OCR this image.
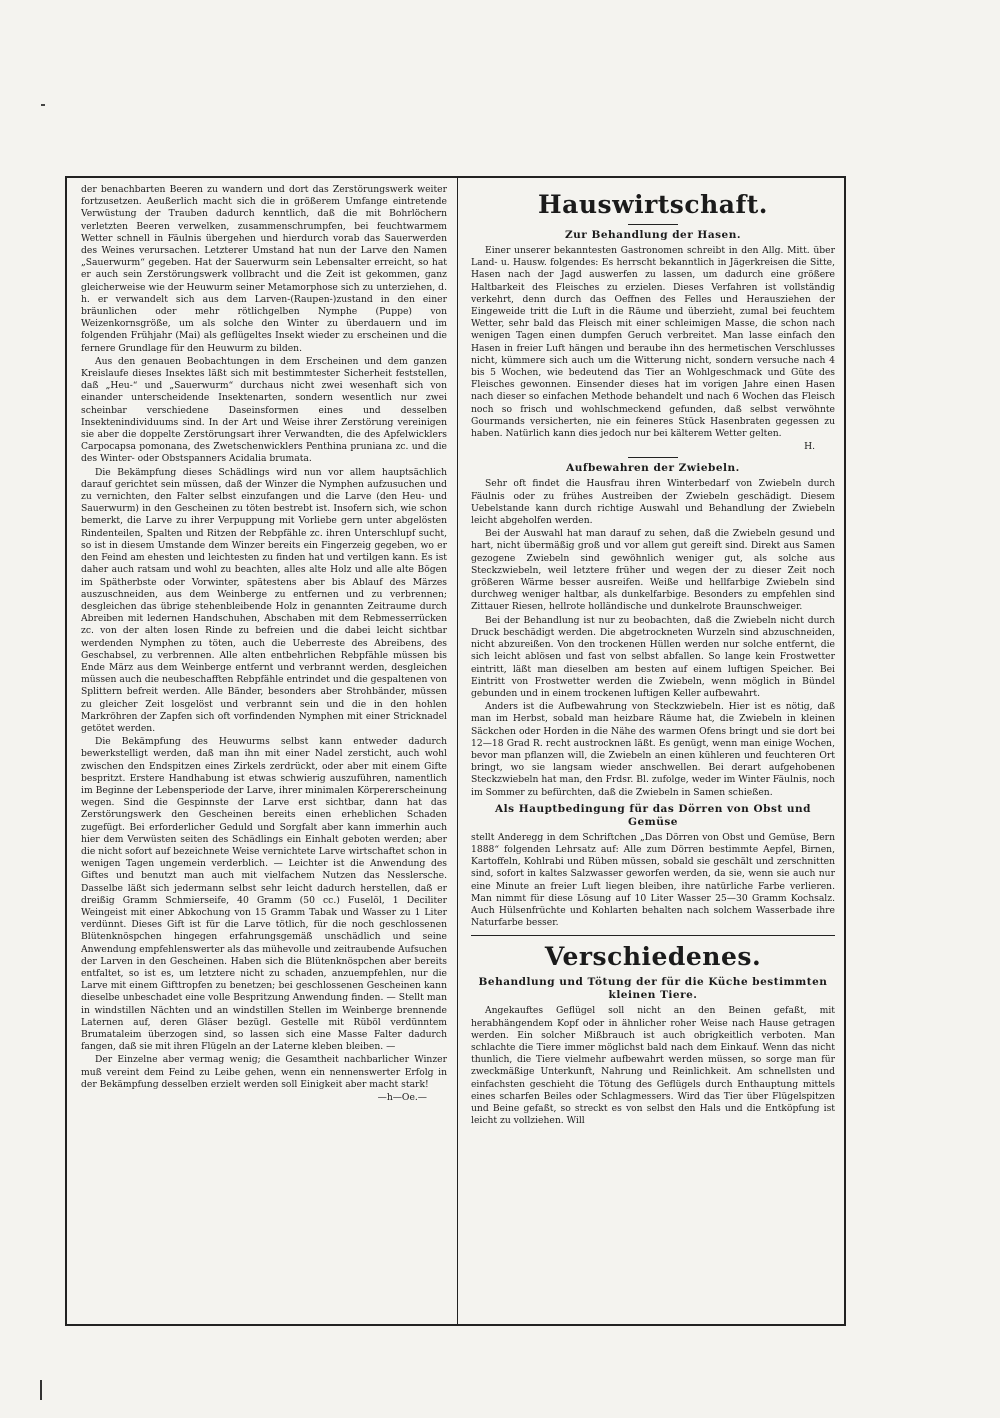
der benachbarten Beeren zu wandern und dort das Zerstörungswerk weiter fortzusetzen. Aeußerlich macht sich die in größerem Umfange eintretende Verwüstung der Trauben dadurch kenntlich, daß die mit Bohrlöchern verletzten Beeren verwelken, zusammenschrumpfen, bei feuchtwarmem Wetter schnell in Fäulnis übergehen und hierdurch vorab das Sauerwerden des Weines verursachen. Letzterer Umstand hat nun der Larve den Namen „Sauerwurm“ gegeben. Hat der Sauerwurm sein Lebensalter erreicht, so hat er auch sein Zerstörungswerk vollbracht und die Zeit ist gekommen, ganz gleicherweise wie der Heuwurm seiner Metamorphose sich zu unterziehen, d. h. er verwandelt sich aus dem Larven-(Raupen-)zustand in den einer bräunlichen oder mehr rötlichgelben Nymphe (Puppe) von Weizenkornsgröße, um als solche den Winter zu überdauern und im folgenden Frühjahr (Mai) als geflügeltes Insekt wieder zu erscheinen und die fernere Grundlage für den Heuwurm zu bilden.

Aus den genauen Beobachtungen in dem Erscheinen und dem ganzen Kreislaufe dieses Insektes läßt sich mit bestimmtester Sicherheit feststellen, daß „Heu-“ und „Sauerwurm“ durchaus nicht zwei wesenhaft sich von einander unterscheidende Insektenarten, sondern wesentlich nur zwei scheinbar verschiedene Daseinsformen eines und desselben Insektenindividuums sind. In der Art und Weise ihrer Zerstörung vereinigen sie aber die doppelte Zerstörungsart ihrer Verwandten, die des Apfelwicklers Carpocapsa pomonana, des Zwetschenwicklers Penthina pruniana zc. und die des Winter- oder Obstspanners Acidalia brumata.

Die Bekämpfung dieses Schädlings wird nun vor allem hauptsächlich darauf gerichtet sein müssen, daß der Winzer die Nymphen aufzusuchen und zu vernichten, den Falter selbst einzufangen und die Larve (den Heu- und Sauerwurm) in den Gescheinen zu töten bestrebt ist. Insofern sich, wie schon bemerkt, die Larve zu ihrer Verpuppung mit Vorliebe gern unter abgelösten Rindenteilen, Spalten und Ritzen der Rebpfähle zc. ihren Unterschlupf sucht, so ist in diesem Umstande dem Winzer bereits ein Fingerzeig gegeben, wo er den Feind am ehesten und leichtesten zu finden hat und vertilgen kann. Es ist daher auch ratsam und wohl zu beachten, alles alte Holz und alle alte Bögen im Spätherbste oder Vorwinter, spätestens aber bis Ablauf des Märzes auszuschneiden, aus dem Weinberge zu entfernen und zu verbrennen; desgleichen das übrige stehenbleibende Holz in genannten Zeitraume durch Abreiben mit ledernen Handschuhen, Abschaben mit dem Rebmesserrücken zc. von der alten losen Rinde zu befreien und die dabei leicht sichtbar werdenden Nymphen zu töten, auch die Ueberreste des Abreibens, des Geschabsel, zu verbrennen. Alle alten entbehrlichen Rebpfähle müssen bis Ende März aus dem Weinberge entfernt und verbrannt werden, desgleichen müssen auch die neubeschafften Rebpfähle entrindet und die gespaltenen von Splittern befreit werden. Alle Bänder, besonders aber Strohbänder, müssen zu gleicher Zeit losgelöst und verbrannt sein und die in den hohlen Markröhren der Zapfen sich oft vorfindenden Nymphen mit einer Stricknadel getötet werden.

Die Bekämpfung des Heuwurms selbst kann entweder dadurch bewerkstelligt werden, daß man ihn mit einer Nadel zersticht, auch wohl zwischen den Endspitzen eines Zirkels zerdrückt, oder aber mit einem Gifte bespritzt. Erstere Handhabung ist etwas schwierig auszuführen, namentlich im Beginne der Lebensperiode der Larve, ihrer minimalen Körpererscheinung wegen. Sind die Gespinnste der Larve erst sichtbar, dann hat das Zerstörungswerk den Gescheinen bereits einen erheblichen Schaden zugefügt. Bei erforderlicher Geduld und Sorgfalt aber kann immerhin auch hier dem Verwüsten seiten des Schädlings ein Einhalt geboten werden; aber die nicht sofort auf bezeichnete Weise vernichtete Larve wirtschaftet schon in wenigen Tagen ungemein verderblich. — Leichter ist die Anwendung des Giftes und benutzt man auch mit vielfachem Nutzen das Nesslersche. Dasselbe läßt sich jedermann selbst sehr leicht dadurch herstellen, daß er dreißig Gramm Schmierseife, 40 Gramm (50 cc.) Fuselöl, 1 Deciliter Weingeist mit einer Abkochung von 15 Gramm Tabak und Wasser zu 1 Liter verdünnt. Dieses Gift ist für die Larve tötlich, für die noch geschlossenen Blütenknöspchen hingegen erfahrungsgemäß unschädlich und seine Anwendung empfehlenswerter als das mühevolle und zeitraubende Aufsuchen der Larven in den Gescheinen. Haben sich die Blütenknöspchen aber bereits entfaltet, so ist es, um letztere nicht zu schaden, anzuempfehlen, nur die Larve mit einem Gifttropfen zu benetzen; bei geschlossenen Gescheinen kann dieselbe unbeschadet eine volle Bespritzung Anwendung finden. — Stellt man in windstillen Nächten und an windstillen Stellen im Weinberge brennende Laternen auf, deren Gläser bezügl. Gestelle mit Rüböl verdünntem Brumataleim überzogen sind, so lassen sich eine Masse Falter dadurch fangen, daß sie mit ihren Flügeln an der Laterne kleben bleiben. —

Der Einzelne aber vermag wenig; die Gesamtheit nachbarlicher Winzer muß vereint dem Feind zu Leibe gehen, wenn ein nennenswerter Erfolg in der Bekämpfung desselben erzielt werden soll Einigkeit aber macht stark!

—h—Oe.—
Hauswirtschaft.
Zur Behandlung der Hasen.

Einer unserer bekanntesten Gastronomen schreibt in den Allg. Mitt. über Land- u. Hausw. folgendes: Es herrscht bekanntlich in Jägerkreisen die Sitte, Hasen nach der Jagd auswerfen zu lassen, um dadurch eine größere Haltbarkeit des Fleisches zu erzielen. Dieses Verfahren ist vollständig verkehrt, denn durch das Oeffnen des Felles und Herausziehen der Eingeweide tritt die Luft in die Räume und überzieht, zumal bei feuchtem Wetter, sehr bald das Fleisch mit einer schleimigen Masse, die schon nach wenigen Tagen einen dumpfen Geruch verbreitet. Man lasse einfach den Hasen in freier Luft hängen und beraube ihn des hermetischen Verschlusses nicht, kümmere sich auch um die Witterung nicht, sondern versuche nach 4 bis 5 Wochen, wie bedeutend das Tier an Wohlgeschmack und Güte des Fleisches gewonnen. Einsender dieses hat im vorigen Jahre einen Hasen nach dieser so einfachen Methode behandelt und nach 6 Wochen das Fleisch noch so frisch und wohlschmeckend gefunden, daß selbst verwöhnte Gourmands versicherten, nie ein feineres Stück Hasenbraten gegessen zu haben. Natürlich kann dies jedoch nur bei kälterem Wetter gelten.

H.
Aufbewahren der Zwiebeln.

Sehr oft findet die Hausfrau ihren Winterbedarf von Zwiebeln durch Fäulnis oder zu frühes Austreiben der Zwiebeln geschädigt. Diesem Uebelstande kann durch richtige Auswahl und Behandlung der Zwiebeln leicht abgeholfen werden.

Bei der Auswahl hat man darauf zu sehen, daß die Zwiebeln gesund und hart, nicht übermäßig groß und vor allem gut gereift sind. Direkt aus Samen gezogene Zwiebeln sind gewöhnlich weniger gut, als solche aus Steckzwiebeln, weil letztere früher und wegen der zu dieser Zeit noch größeren Wärme besser ausreifen. Weiße und hellfarbige Zwiebeln sind durchweg weniger haltbar, als dunkelfarbige. Besonders zu empfehlen sind Zittauer Riesen, hellrote holländische und dunkelrote Braunschweiger.

Bei der Behandlung ist nur zu beobachten, daß die Zwiebeln nicht durch Druck beschädigt werden. Die abgetrockneten Wurzeln sind abzuschneiden, nicht abzureißen. Von den trockenen Hüllen werden nur solche entfernt, die sich leicht ablösen und fast von selbst abfallen. So lange kein Frostwetter eintritt, läßt man dieselben am besten auf einem luftigen Speicher. Bei Eintritt von Frostwetter werden die Zwiebeln, wenn möglich in Bündel gebunden und in einem trockenen luftigen Keller aufbewahrt.

Anders ist die Aufbewahrung von Steckzwiebeln. Hier ist es nötig, daß man im Herbst, sobald man heizbare Räume hat, die Zwiebeln in kleinen Säckchen oder Horden in die Nähe des warmen Ofens bringt und sie dort bei 12—18 Grad R. recht austrocknen läßt. Es genügt, wenn man einige Wochen, bevor man pflanzen will, die Zwiebeln an einen kühleren und feuchteren Ort bringt, wo sie langsam wieder anschwellen. Bei derart aufgehobenen Steckzwiebeln hat man, den Frdsr. Bl. zufolge, weder im Winter Fäulnis, noch im Sommer zu befürchten, daß die Zwiebeln in Samen schießen.

Als Hauptbedingung für das Dörren von Obst und Gemüse

stellt Anderegg in dem Schriftchen „Das Dörren von Obst und Gemüse, Bern 1888“ folgenden Lehrsatz auf: Alle zum Dörren bestimmte Aepfel, Birnen, Kartoffeln, Kohlrabi und Rüben müssen, sobald sie geschält und zerschnitten sind, sofort in kaltes Salzwasser geworfen werden, da sie, wenn sie auch nur eine Minute an freier Luft liegen bleiben, ihre natürliche Farbe verlieren. Man nimmt für diese Lösung auf 10 Liter Wasser 25—30 Gramm Kochsalz. Auch Hülsenfrüchte und Kohlarten behalten nach solchem Wasserbade ihre Naturfarbe besser.

Verschiedenes.
Behandlung und Tötung der für die Küche bestimmten kleinen Tiere.

Angekauftes Geflügel soll nicht an den Beinen gefaßt, mit herabhängendem Kopf oder in ähnlicher roher Weise nach Hause getragen werden. Ein solcher Mißbrauch ist auch obrigkeitlich verboten. Man schlachte die Tiere immer möglichst bald nach dem Einkauf. Wenn das nicht thunlich, die Tiere vielmehr aufbewahrt werden müssen, so sorge man für zweckmäßige Unterkunft, Nahrung und Reinlichkeit. Am schnellsten und einfachsten geschieht die Tötung des Geflügels durch Enthauptung mittels eines scharfen Beiles oder Schlagmessers. Wird das Tier über Flügelspitzen und Beine gefaßt, so streckt es von selbst den Hals und die Entköpfung ist leicht zu vollziehen. Will
